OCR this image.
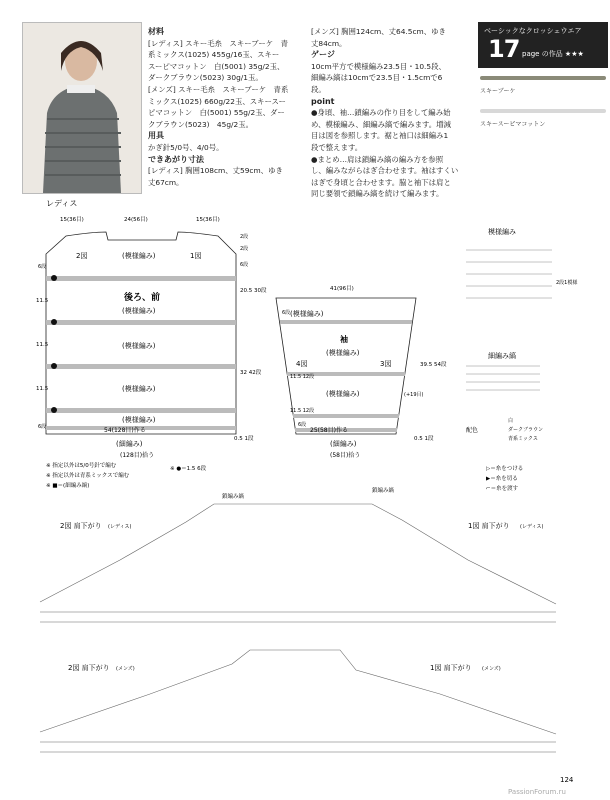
材料
[レディス] スキー毛糸　スキーブーケ　青
系ミックス(1025) 455g/16玉、スキー
スーピマコットン　白(5001) 35g/2玉、
ダークブラウン(5023) 30g/1玉。
[メンズ] スキー毛糸　スキーブーケ　青系
ミックス(1025) 660g/22玉、スキースー
ピマコットン　白(5001) 55g/2玉、ダー
クブラウン(5023)　45g/2玉。
用具
かぎ針5/0号、4/0号。
できあがり寸法
[レディス] 胸囲108cm、丈59cm、ゆき
丈67cm。
[メンズ] 胸囲124cm、丈64.5cm、ゆき
丈84cm。
ゲージ
10cm平方で模様編み23.5目・10.5段、
細編み縞は10cmで23.5目・1.5cmで6
段。
point
●身頃、袖…鎖編みの作り目をして編み始
め、模様編み、細編み縞で編みます。増減
目は図を参照します。裾と袖口は細編み1
段で整えます。
●まとめ…肩は鎖編み縞の編み方を参照
し、編みながらはぎ合わせます。袖はすくい
はぎで身頃と合わせます。脇と袖下は肩と
同じ要領で鎖編み縞を続けて編みます。
ベーシックなクロッシェウエア
17 page の作品 ★★★
スキーブーケ
スキースーピマコットン
レディス
15(36目)	24(56目)	15(36目)
2図	(模様編み)	1図
後ろ、前
(模様編み)
(模様編み)
(模様編み)
(模様編み)
6段
11.5
11.5
11.5
6段
2段
2段
6段
20.5 30段
32 42段
0.5 1段
54(128目)作る
(細編み)
(128目)拾う
※ 指定以外は5/0号針で編む
※ 指定以外は青系ミックスで編む
※ ■＝(細編み縞)
※ ●＝1.5 6段
41(96目)
(模様編み)
袖
(模様編み)
4図	3図
(模様編み)
39.5 54段
(+19目)
0.5 1段
6段
11.5 12段
11.5 12段
6段
25(58目)作る
(細編み)
(58目)拾う
模様編み
2段1模様
細編み縞
配色
白
ダークブラウン
青系ミックス
▷＝糸をつける
▶＝糸を切る
⌐＝糸を渡す
2図 肩下がり (レディス)
鎖編み縞
1図 肩下がり (レディス)
鎖編み縞
2図 肩下がり (メンズ)	1図 肩下がり (メンズ)
124
PassionForum.ru
